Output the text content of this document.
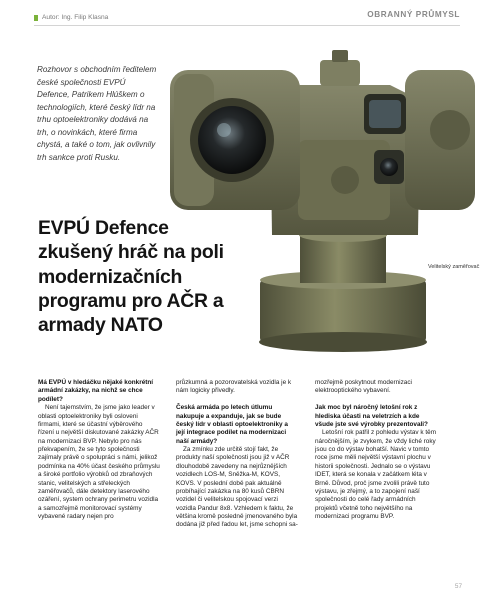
Autor: Ing. Filip Klasna	OBRANNÝ PRŮMYSL
Rozhovor s obchodním ředitelem české společnosti EVPÚ Defence, Patrikem Hlúškem o technologiích, které český lídr na trhu optoelektroniky dodává na trh, o novinkách, které firma chystá, a také o tom, jak ovlivnily trh sankce proti Rusku.
EVPÚ Defence zkušený hráč na poli modernizačních programu pro AČR a armady NATO
Velitelský zaměřovač
Má EVPÚ v hledáčku nějaké konkrétní armádní zakázky, na nichž se chce podílet?
Není tajemstvím, že jsme jako leader v oblasti optoelektroniky byli osloveni firmami, které se účastní výběrového řízení u největší diskutované zakázky AČR na modernizaci BVP. Nebylo pro nás překvapením, že se tyto společnosti zajímaly právě o spolupráci s námi, jelikož podmínka na 40% účast českého průmyslu a široké portfolio výrobků od zbraňových stanic, velitelských a střeleckých zaměřovačů, dále detektory laserového ozáření, system ochrany perimetru vozidla a samozřejmě monitorovací systémy vybavené radary nejen pro
průzkumná a pozorovatelská vozidla je k nám logicky přivedly.
Česká armáda po letech útlumu nakupuje a expanduje, jak se bude český lídr v oblasti optoelektroniky a její integrace podílet na modernizaci naší armády?
Za zmínku zde určitě stojí fakt, že produkty naší společnosti jsou již v AČR dlouhodobě zavedeny na nejrůznějších vozidlech LOS-M, Sněžka-M, KOVS, KOVS. V poslední době pak aktuálně probíhající zakázka na 80 kusů CBRN vozidel či velitelskou spojovací verzi vozidla Pandur 8x8. Vzhledem k faktu, že většina kromě posledně jmenovaného byla dodána již před řadou let, jsme schopni sa-
mozřejmě poskytnout modernizaci elektrooptického vybavení.
Jak moc byl náročný letošní rok z hlediska účasti na veletrzích a kde všude jste své výrobky prezentovali?
Letošní rok patřil z pohledu výstav k těm náročnějším, je zvykem, že vždy liché roky jsou co do výstav bohatší. Navic v tomto roce jsme měli největší výstavní plochu v historii společnosti. Jednalo se o výstavu IDET, která se konala v začátkem léta v Brně. Důvod, proč jsme zvolili právě tuto výstavu, je zřejmý, a to zapojení naší společnosti do celé řady armádních projektů včetně toho největšího na modernizaci programu BVP.
57
